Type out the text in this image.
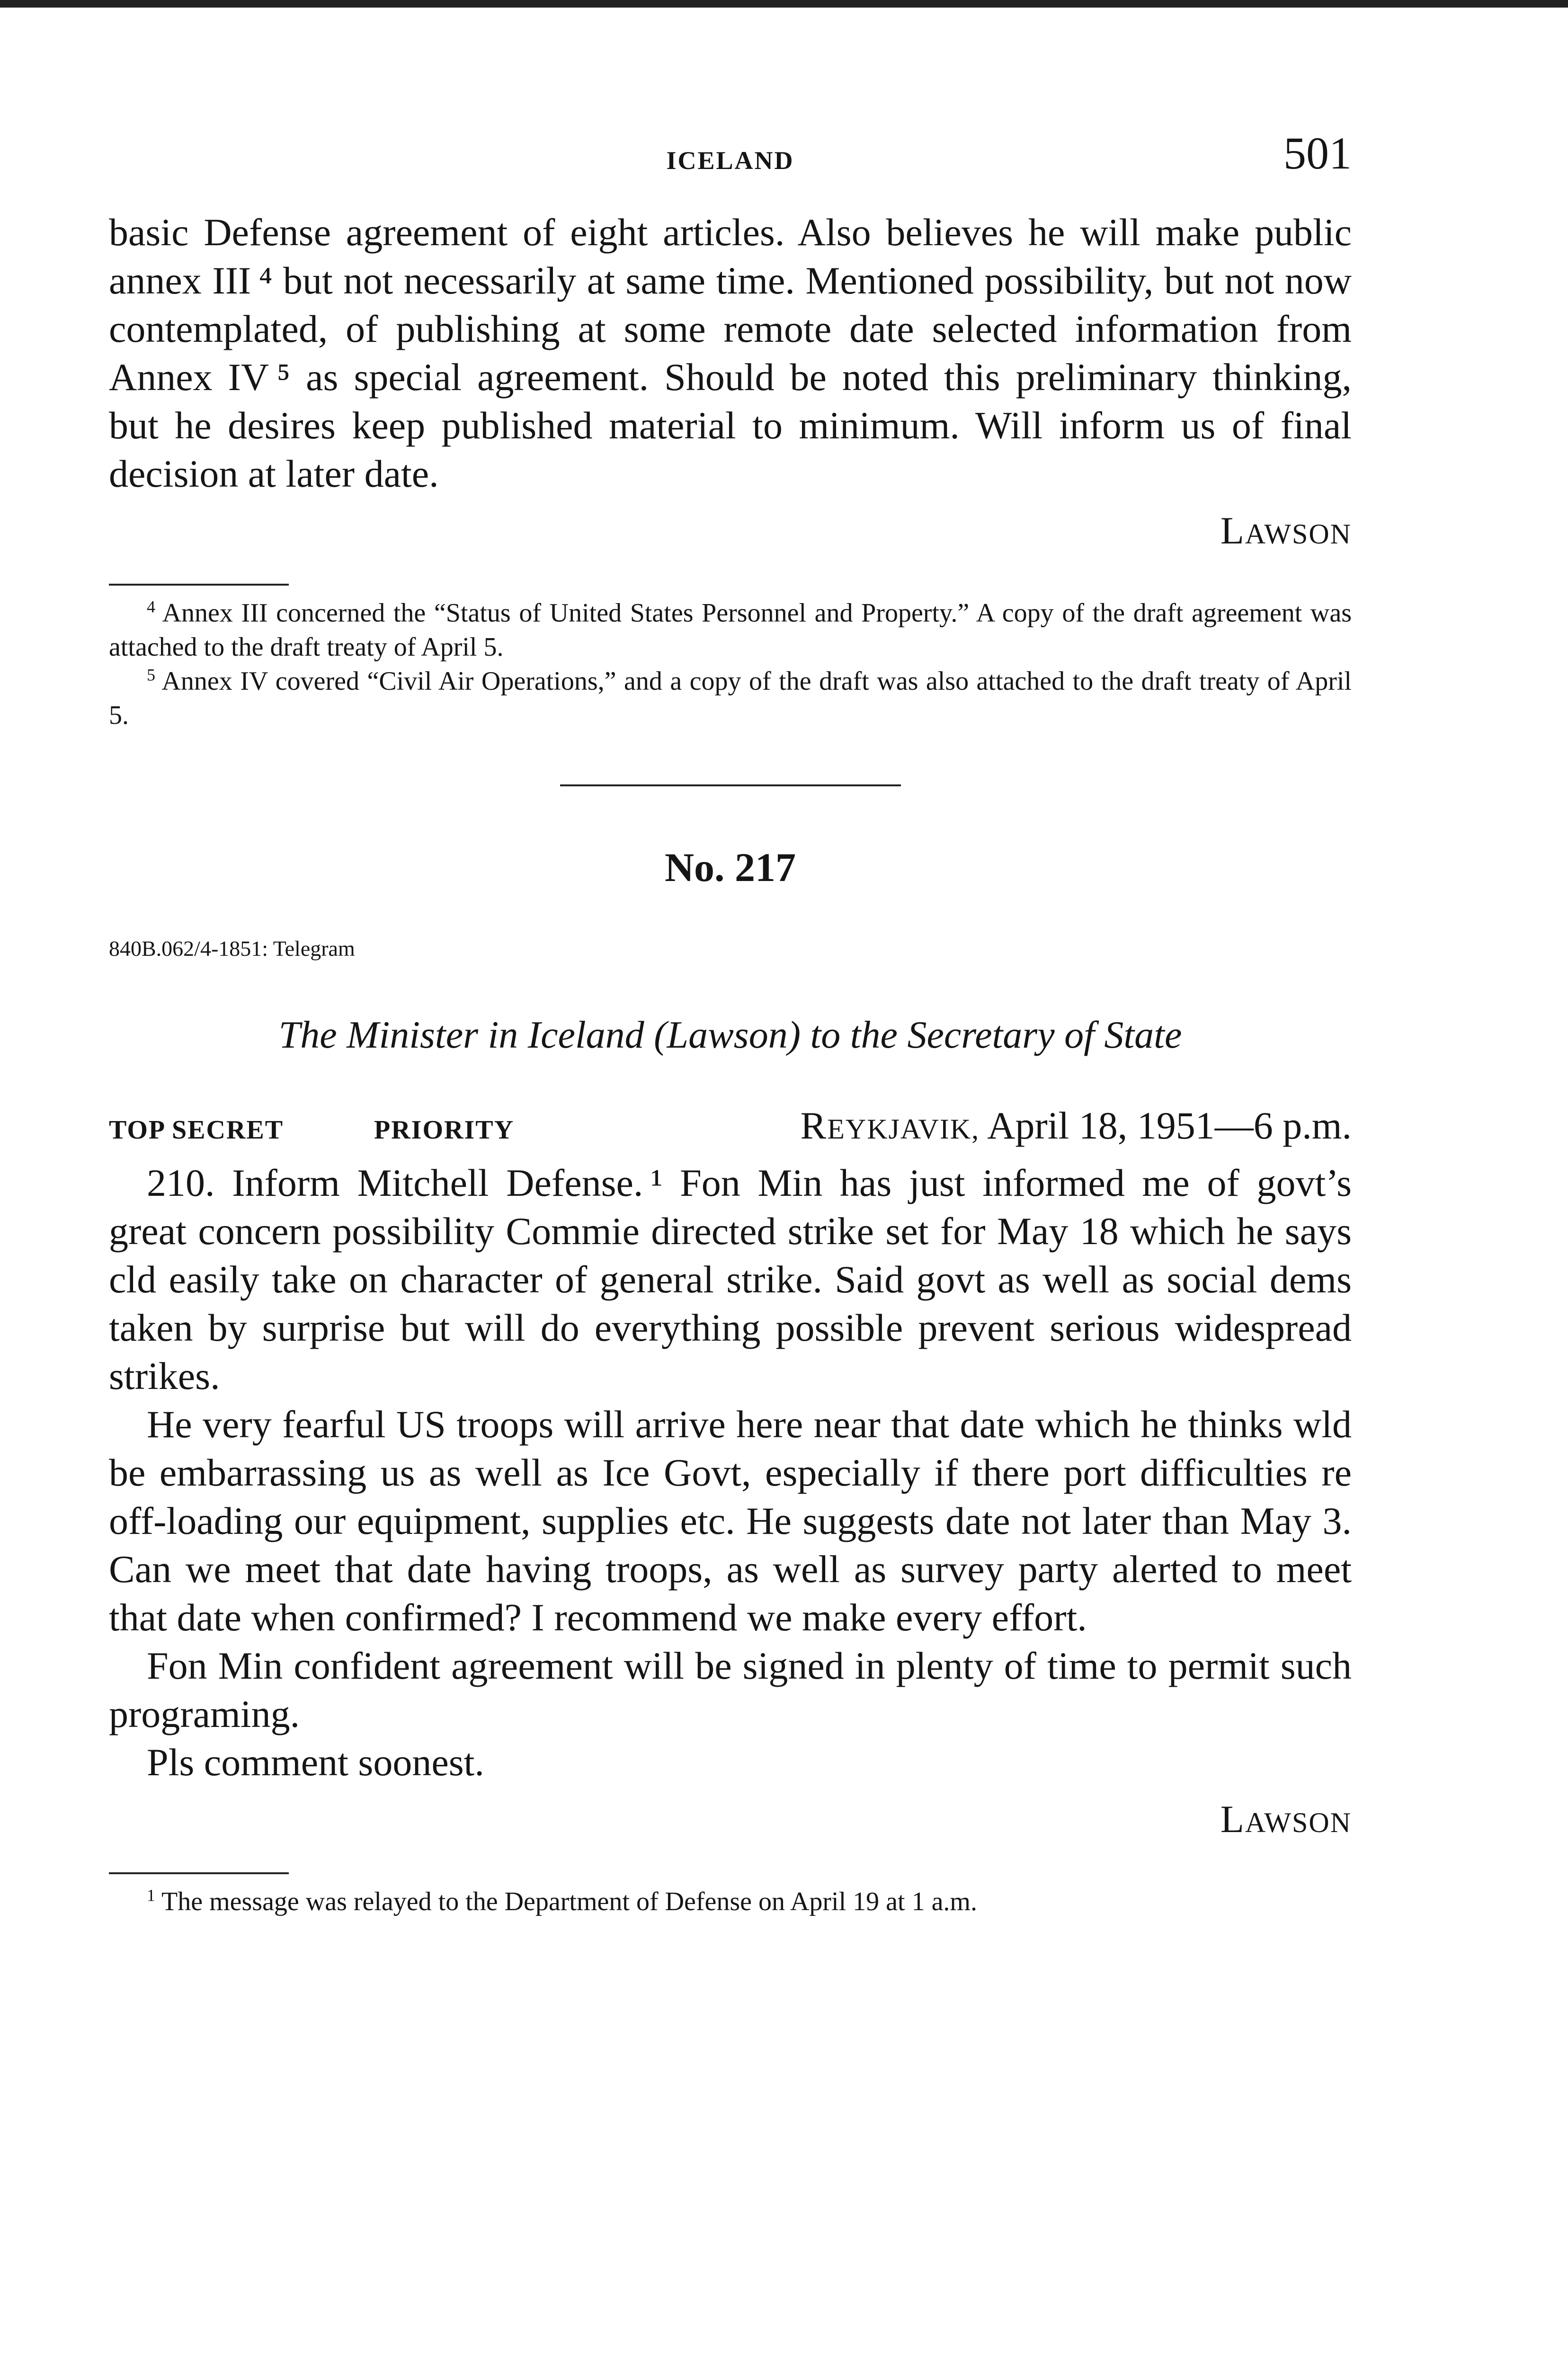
ICELAND	501

basic Defense agreement of eight articles. Also believes he will make public annex III ⁴ but not necessarily at same time. Mentioned possibility, but not now contemplated, of publishing at some remote date selected information from Annex IV ⁵ as special agreement. Should be noted this preliminary thinking, but he desires keep published material to minimum. Will inform us of final decision at later date.

LAWSON

$^4$ Annex III concerned the “Status of United States Personnel and Property.” A copy of the draft agreement was attached to the draft treaty of April 5.

$^5$ Annex IV covered “Civil Air Operations,” and a copy of the draft was also attached to the draft treaty of April 5.

No. 217
840B.062/4-1851: Telegram
The Minister in Iceland (Lawson) to the Secretary of State
TOP SECRET	PRIORITY	REYKJAVIK, April 18, 1951—6 p.m.

210. Inform Mitchell Defense. ¹ Fon Min has just informed me of govt’s great concern possibility Commie directed strike set for May 18 which he says cld easily take on character of general strike. Said govt as well as social dems taken by surprise but will do everything possible prevent serious widespread strikes.

He very fearful US troops will arrive here near that date which he thinks wld be embarrassing us as well as Ice Govt, especially if there port difficulties re off-loading our equipment, supplies etc. He suggests date not later than May 3. Can we meet that date having troops, as well as survey party alerted to meet that date when confirmed? I recommend we make every effort.

Fon Min confident agreement will be signed in plenty of time to permit such programing.

Pls comment soonest.

LAWSON

$^1$ The message was relayed to the Department of Defense on April 19 at 1 a.m.
